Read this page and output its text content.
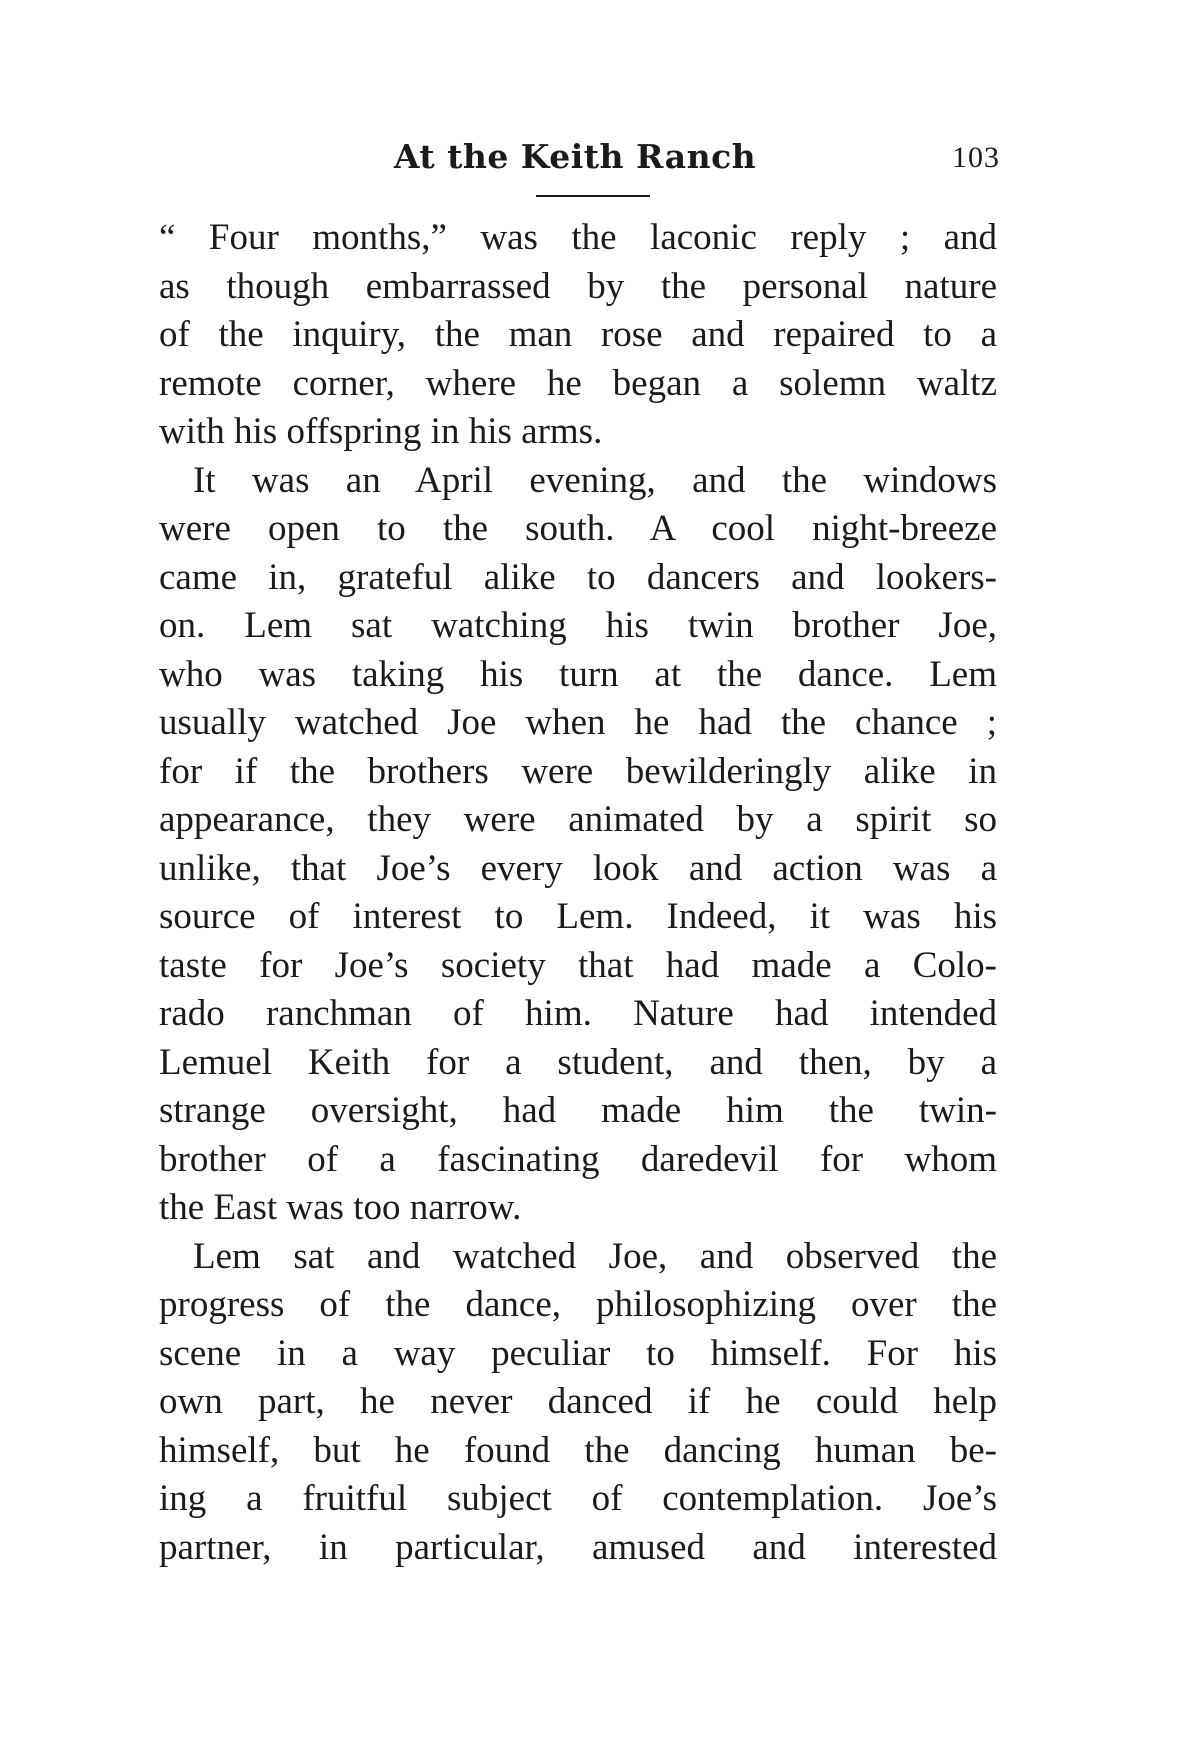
At the Keith Ranch	103
“ Four months,” was the laconic reply ; and
as though embarrassed by the personal nature
of the inquiry, the man rose and repaired to a
remote corner, where he began a solemn waltz
with his offspring in his arms.
It was an April evening, and the windows
were open to the south. A cool night-breeze
came in, grateful alike to dancers and lookers-
on. Lem sat watching his twin brother Joe,
who was taking his turn at the dance. Lem
usually watched Joe when he had the chance ;
for if the brothers were bewilderingly alike in
appearance, they were animated by a spirit so
unlike, that Joe’s every look and action was a
source of interest to Lem. Indeed, it was his
taste for Joe’s society that had made a Colo-
rado ranchman of him. Nature had intended
Lemuel Keith for a student, and then, by a
strange oversight, had made him the twin-
brother of a fascinating daredevil for whom
the East was too narrow.
Lem sat and watched Joe, and observed the
progress of the dance, philosophizing over the
scene in a way peculiar to himself. For his
own part, he never danced if he could help
himself, but he found the dancing human be-
ing a fruitful subject of contemplation. Joe’s
partner, in particular, amused and interested
